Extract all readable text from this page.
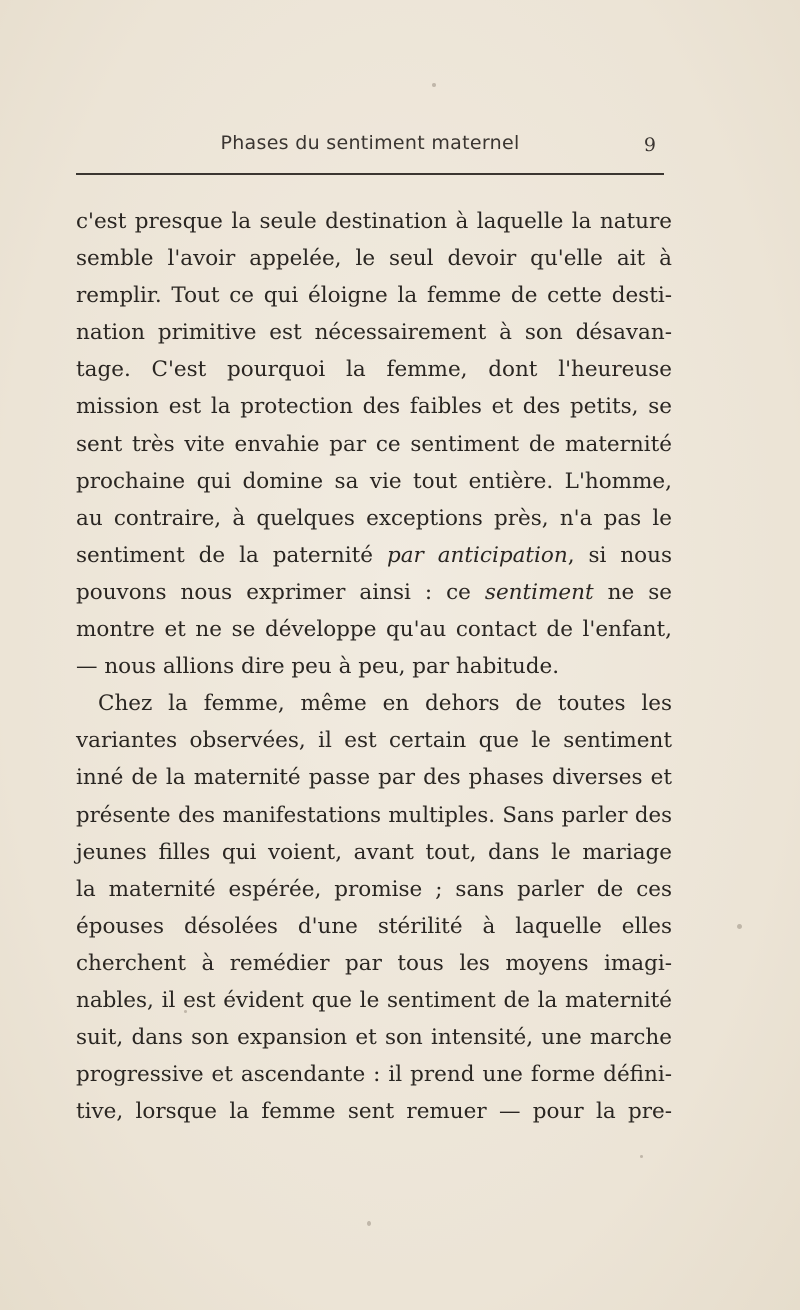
Phases du sentiment maternel	9
c'est presque la seule destination à laquelle la nature
semble l'avoir appelée, le seul devoir qu'elle ait à
remplir. Tout ce qui éloigne la femme de cette desti-
nation primitive est nécessairement à son désavan-
tage. C'est pourquoi la femme, dont l'heureuse
mission est la protection des faibles et des petits, se
sent très vite envahie par ce sentiment de maternité
prochaine qui domine sa vie tout entière. L'homme,
au contraire, à quelques exceptions près, n'a pas le
sentiment de la paternité par anticipation, si nous
pouvons nous exprimer ainsi : ce sentiment ne se
montre et ne se développe qu'au contact de l'enfant,
— nous allions dire peu à peu, par habitude.
Chez la femme, même en dehors de toutes les
variantes observées, il est certain que le sentiment
inné de la maternité passe par des phases diverses et
présente des manifestations multiples. Sans parler des
jeunes filles qui voient, avant tout, dans le mariage
la maternité espérée, promise ; sans parler de ces
épouses désolées d'une stérilité à laquelle elles
cherchent à remédier par tous les moyens imagi-
nables, il est évident que le sentiment de la maternité
suit, dans son expansion et son intensité, une marche
progressive et ascendante : il prend une forme défini-
tive, lorsque la femme sent remuer — pour la pre-
